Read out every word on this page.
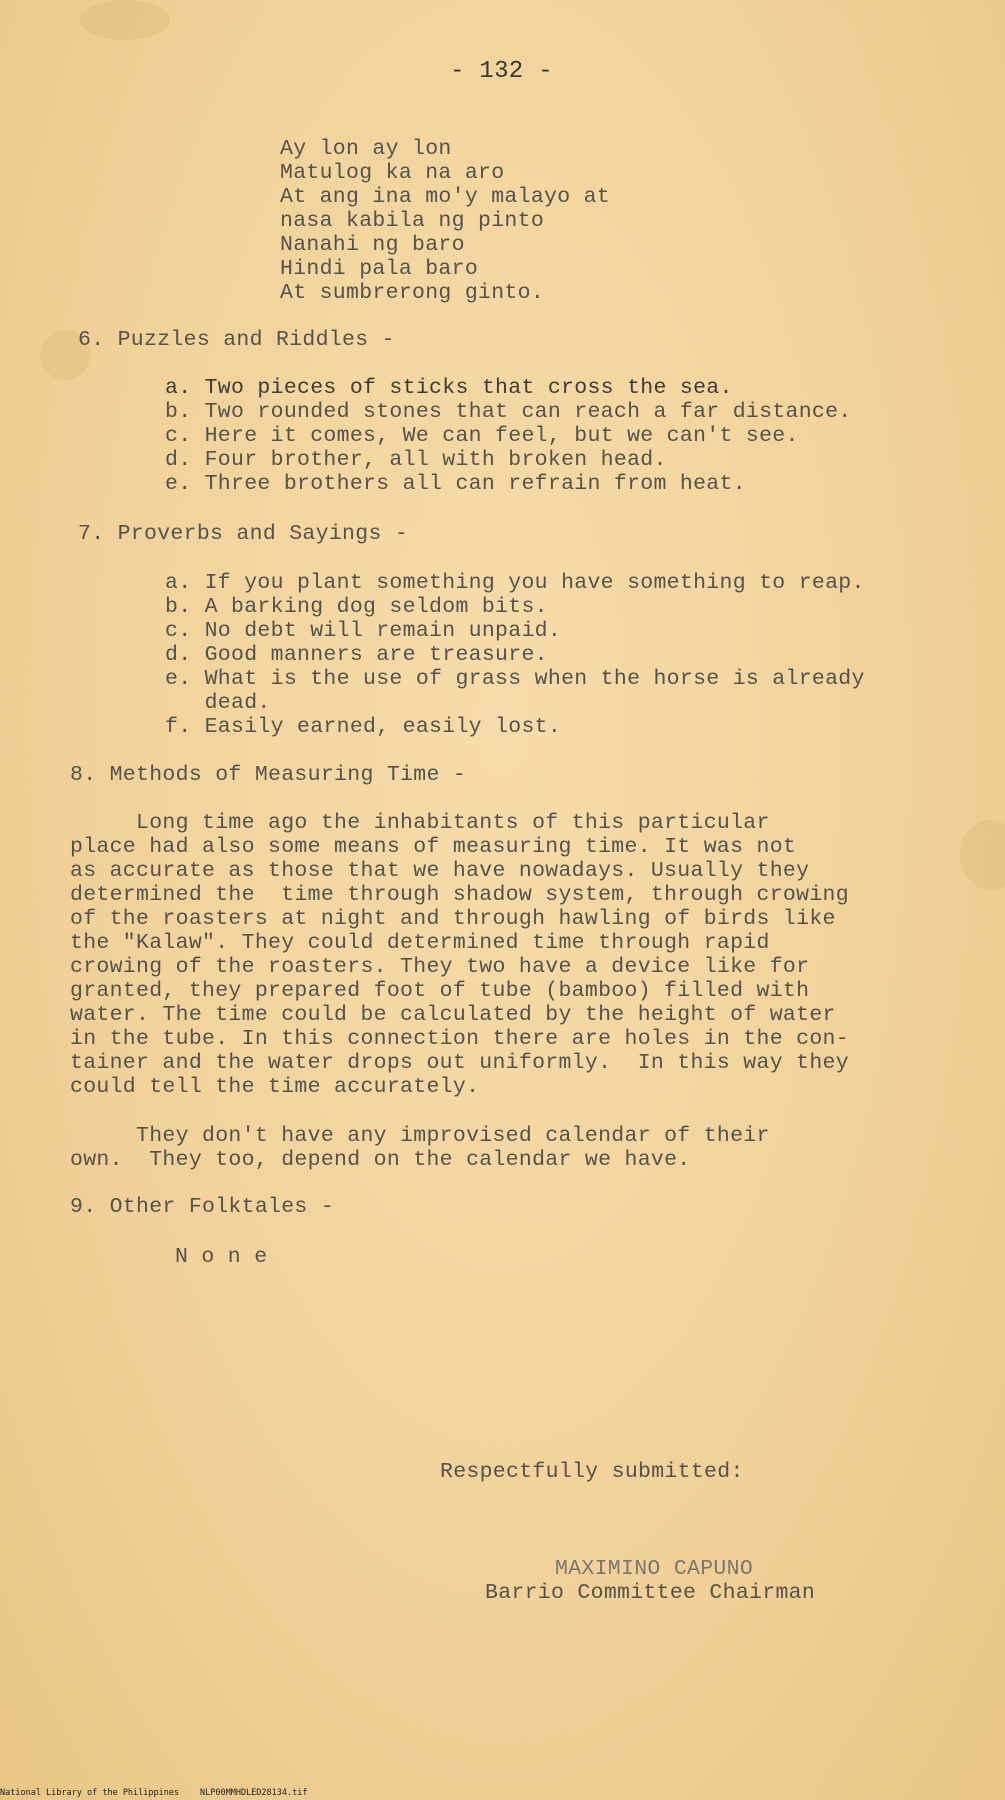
- 132 -
Ay lon ay lon
Matulog ka na aro
At ang ina mo'y malayo at
nasa kabila ng pinto
Nanahi ng baro
Hindi pala baro
At sumbrerong ginto.
6. Puzzles and Riddles -
a. Two pieces of sticks that cross the sea.
b. Two rounded stones that can reach a far distance.
c. Here it comes, We can feel, but we can't see.
d. Four brother, all with broken head.
e. Three brothers all can refrain from heat.
7. Proverbs and Sayings -
a. If you plant something you have something to reap.
b. A barking dog seldom bits.
c. No debt will remain unpaid.
d. Good manners are treasure.
e. What is the use of grass when the horse is already
dead.
f. Easily earned, easily lost.
8. Methods of Measuring Time -
Long time ago the inhabitants of this particular
place had also some means of measuring time. It was not
as accurate as those that we have nowadays. Usually they
determined the  time through shadow system, through crowing
of the roasters at night and through hawling of birds like
the "Kalaw". They could determined time through rapid
crowing of the roasters. They two have a device like for
granted, they prepared foot of tube (bamboo) filled with
water. The time could be calculated by the height of water
in the tube. In this connection there are holes in the con-
tainer and the water drops out uniformly.  In this way they
could tell the time accurately.
They don't have any improvised calendar of their
own.  They too, depend on the calendar we have.
9. Other Folktales -
N o n e
Respectfully submitted:
MAXIMINO CAPUNO
Barrio Committee Chairman
National Library of the Philippines NLP00MMHDLED28134.tif
